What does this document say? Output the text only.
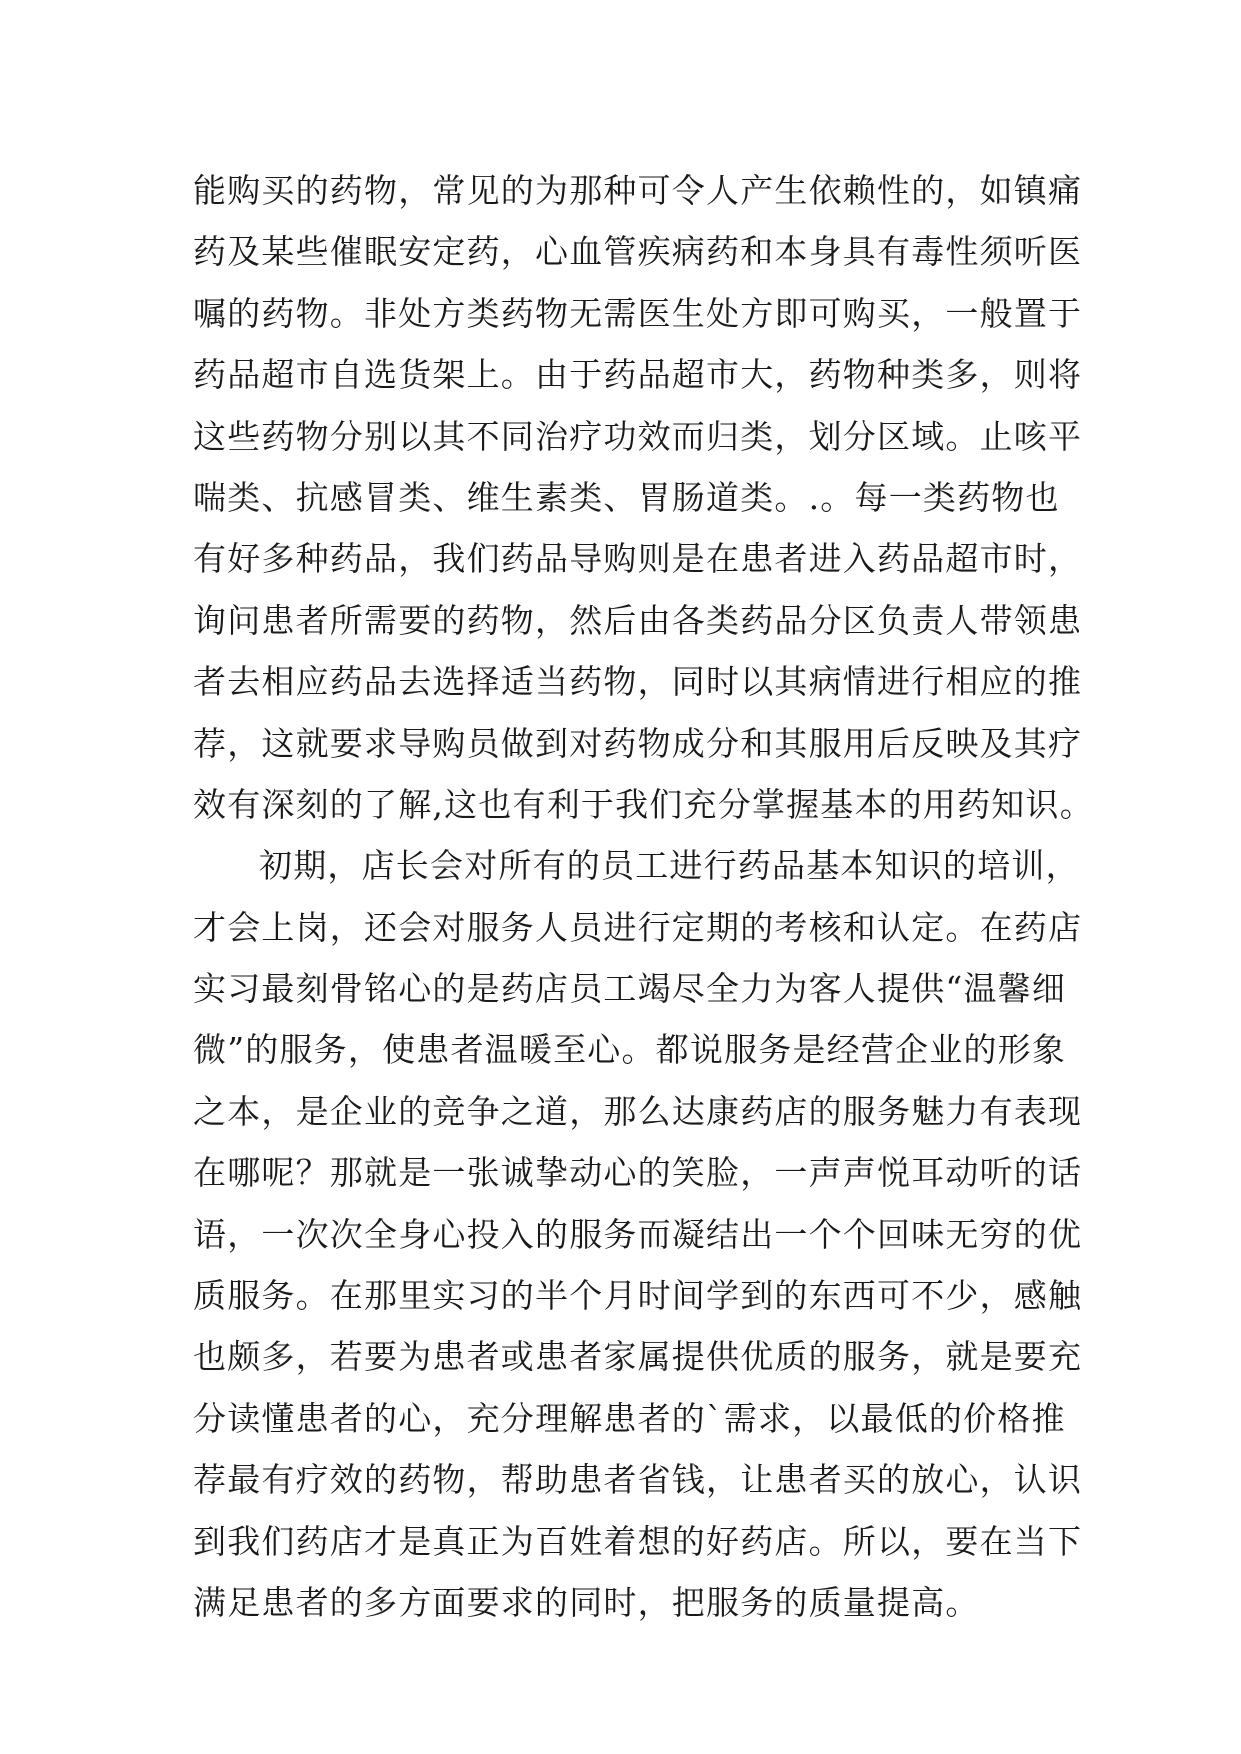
能购买的药物，常见的为那种可令人产生依赖性的，如镇痛
药及某些催眠安定药，心血管疾病药和本身具有毒性须听医
嘱的药物。非处方类药物无需医生处方即可购买，一般置于
药品超市自选货架上。由于药品超市大，药物种类多，则将
这些药物分别以其不同治疗功效而归类，划分区域。止咳平
喘类、抗感冒类、维生素类、胃肠道类。.。每一类药物也
有好多种药品，我们药品导购则是在患者进入药品超市时，
询问患者所需要的药物，然后由各类药品分区负责人带领患
者去相应药品去选择适当药物，同时以其病情进行相应的推
荐，这就要求导购员做到对药物成分和其服用后反映及其疗
效有深刻的了解,这也有利于我们充分掌握基本的用药知识。
初期，店长会对所有的员工进行药品基本知识的培训，
才会上岗，还会对服务人员进行定期的考核和认定。在药店
实习最刻骨铭心的是药店员工竭尽全力为客人提供“温馨细
微”的服务，使患者温暖至心。都说服务是经营企业的形象
之本，是企业的竞争之道，那么达康药店的服务魅力有表现
在哪呢？那就是一张诚挚动心的笑脸，一声声悦耳动听的话
语，一次次全身心投入的服务而凝结出一个个回味无穷的优
质服务。在那里实习的半个月时间学到的东西可不少，感触
也颇多，若要为患者或患者家属提供优质的服务，就是要充
分读懂患者的心，充分理解患者的`需求，以最低的价格推
荐最有疗效的药物，帮助患者省钱，让患者买的放心，认识
到我们药店才是真正为百姓着想的好药店。所以，要在当下
满足患者的多方面要求的同时，把服务的质量提高。
